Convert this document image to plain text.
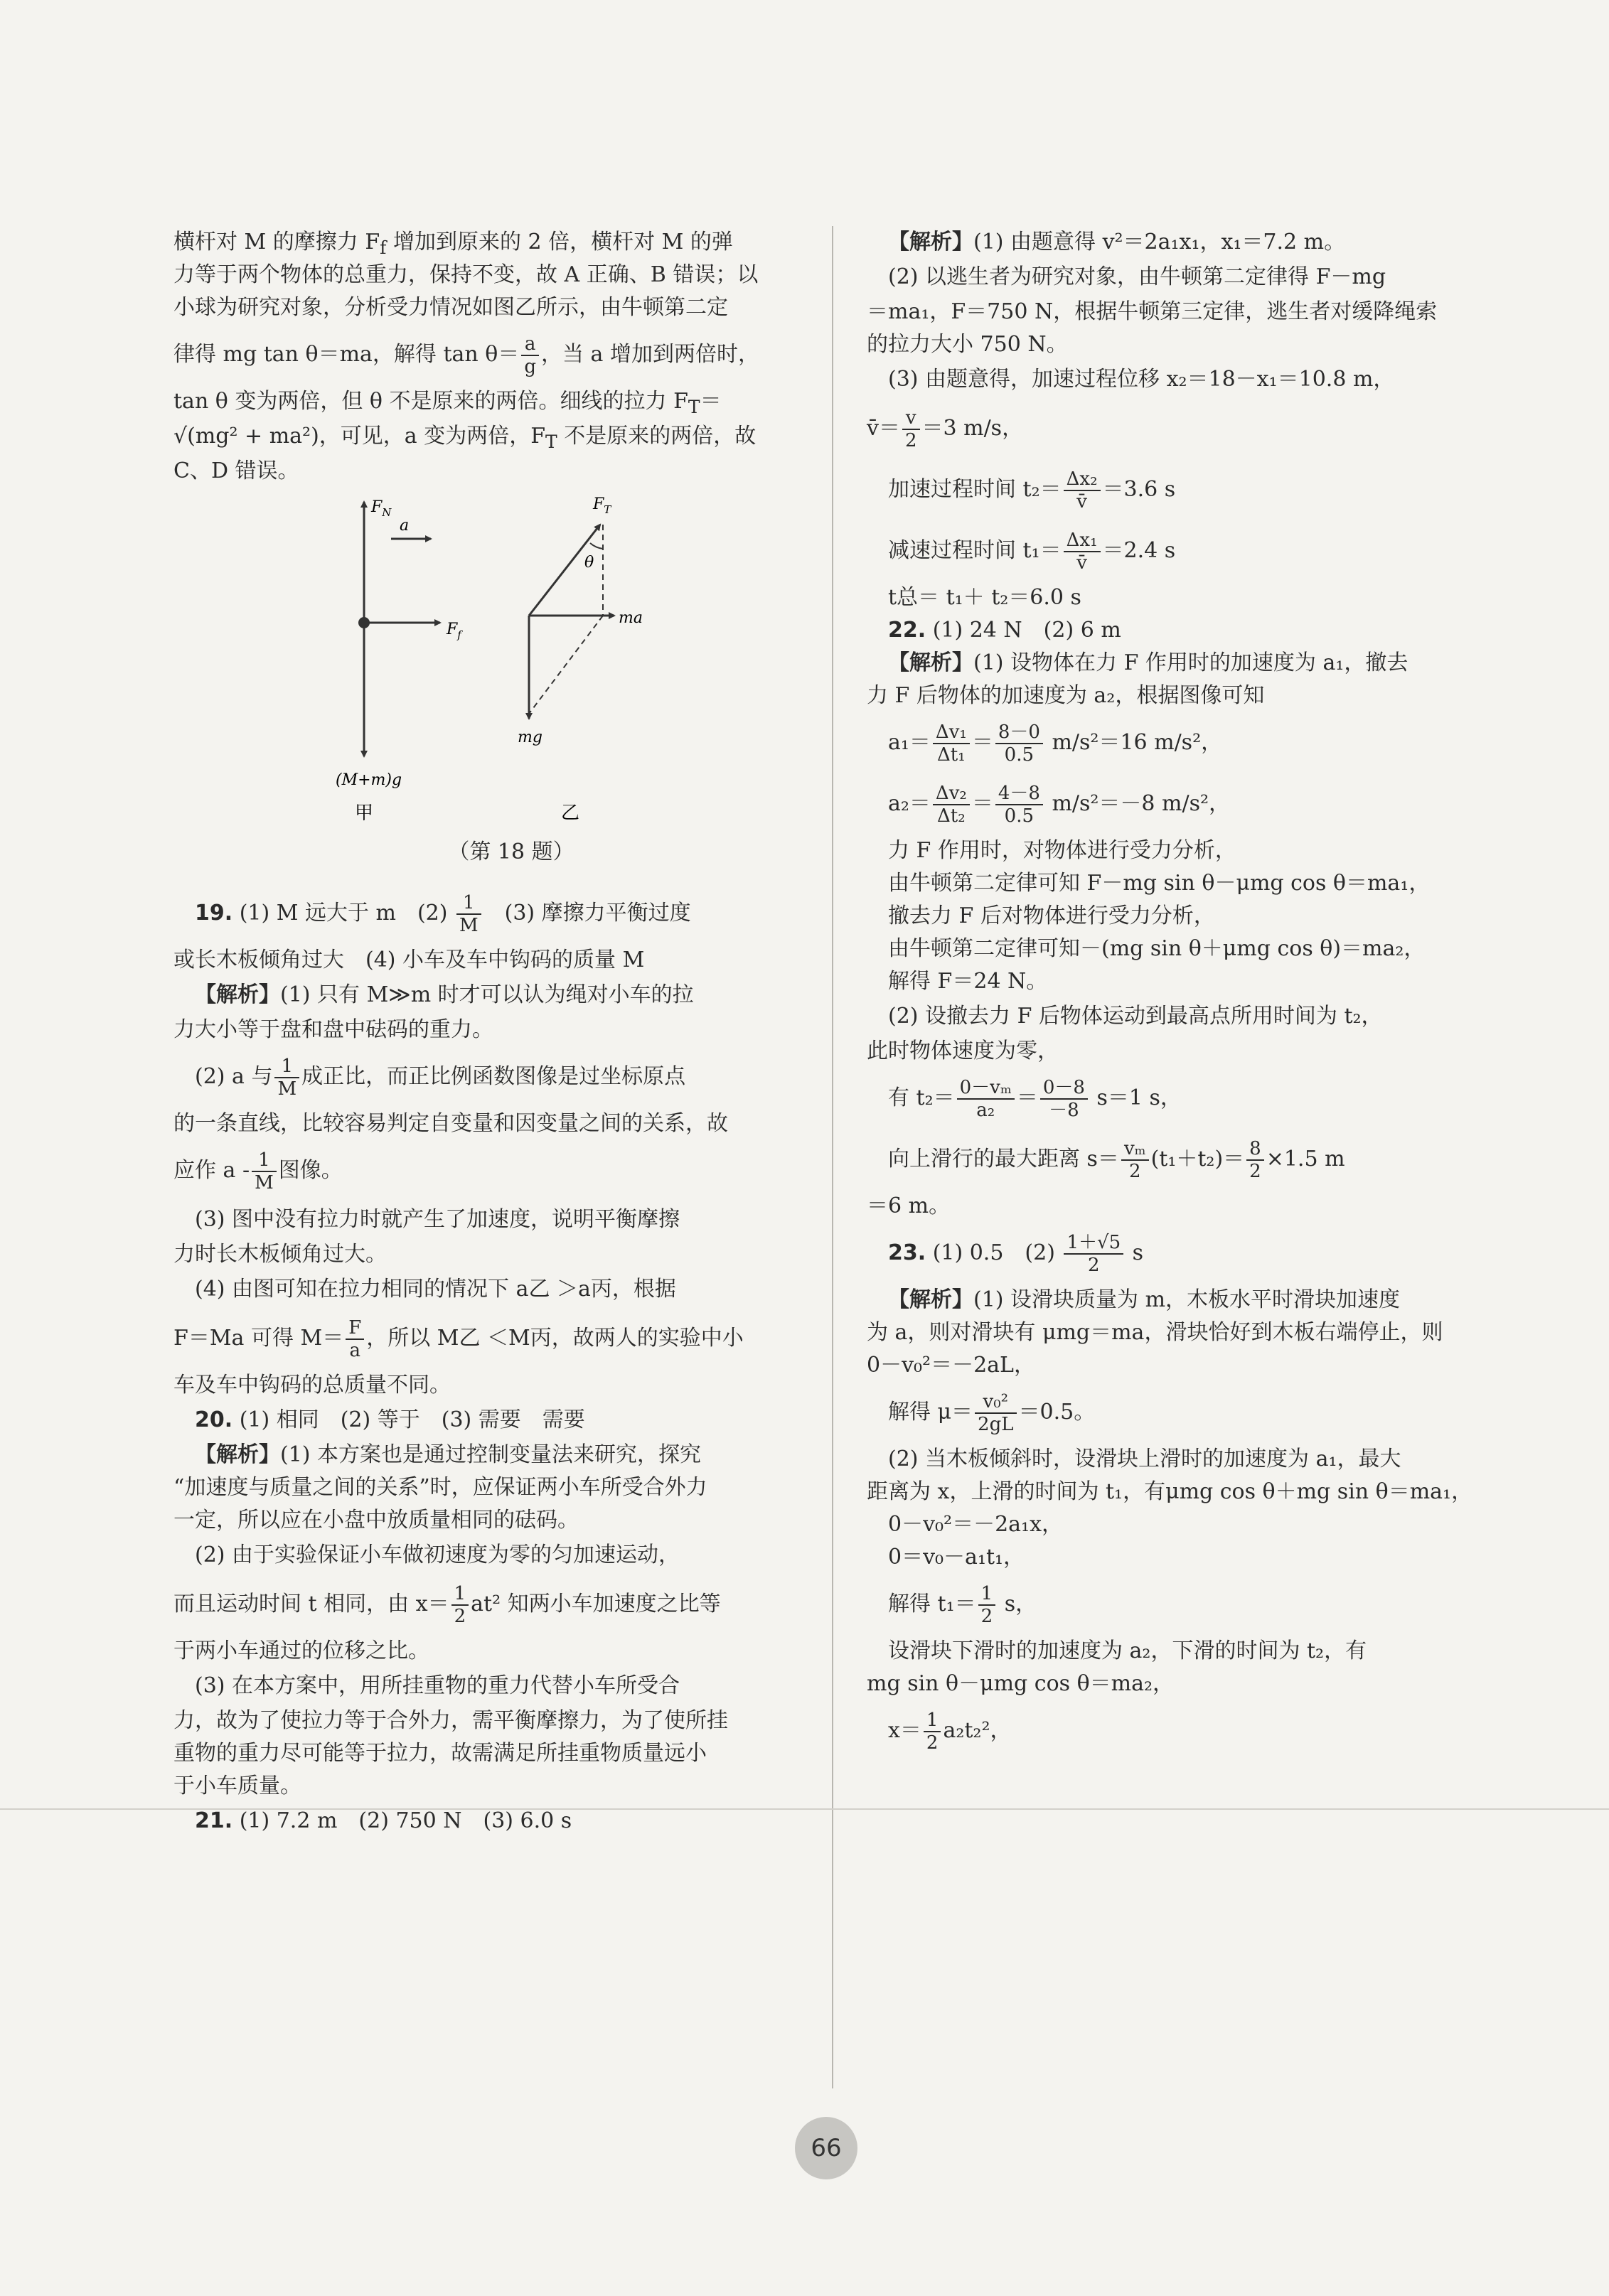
横杆对 M 的摩擦力 $F_f$ 增加到原来的 2 倍，横杆对 M 的弹
力等于两个物体的总重力，保持不变，故 A 正确、B 错误；以
小球为研究对象，分析受力情况如图乙所示，由牛顿第二定
律得 mg tan θ＝ma，解得 $\tan \theta= \frac{a}{g}$ ，当 a 增加到两倍时，
tan θ 变为两倍，但 θ 不是原来的两倍。细线的拉力 $F_T=$
√(mg² + ma²)，可见，a 变为两倍，$F_T$ 不是原来的两倍，故
C、D 错误。
$F_N$
a
$F_f$
(M+m)g
甲
$F_T$
θ
ma
mg
乙
（第 18 题）
19. (1) M 远大于 m　$(2) \frac{1}{M}$ 　(3) 摩擦力平衡过度
或长木板倾角过大　(4) 小车及车中钩码的质量 M
【解析】(1) 只有 M≫m 时才可以认为绳对小车的拉
力大小等于盘和盘中砝码的重力。
(2) a 与 $\frac{1}{M}$ 成正比，而正比例函数图像是过坐标原点
的一条直线，比较容易判定自变量和因变量之间的关系，故
应作 a - $\frac{1}{M}$ 图像。
(3) 图中没有拉力时就产生了加速度，说明平衡摩擦
力时长木板倾角过大。
(4) 由图可知在拉力相同的情况下 a乙 ＞a丙，根据
F＝Ma 可得 $M= \frac{F}{a}$ ，所以 M乙 ＜M丙，故两人的实验中小
车及车中钩码的总质量不同。
20. (1) 相同　(2) 等于　(3) 需要　需要
【解析】(1) 本方案也是通过控制变量法来研究，探究
“加速度与质量之间的关系”时，应保证两小车所受合外力
一定，所以应在小盘中放质量相同的砝码。
(2) 由于实验保证小车做初速度为零的匀加速运动，
而且运动时间 t 相同，由 $x= \frac{1}{2} at^2$ 知两小车加速度之比等
于两小车通过的位移之比。
(3) 在本方案中，用所挂重物的重力代替小车所受合
力，故为了使拉力等于合外力，需平衡摩擦力，为了使所挂
重物的重力尽可能等于拉力，故需满足所挂重物质量远小
于小车质量。
21. (1) 7.2 m　(2) 750 N　(3) 6.0 s
【解析】(1) 由题意得 v²＝2a₁x₁，x₁＝7.2 m。
(2) 以逃生者为研究对象，由牛顿第二定律得 F－mg
＝ma₁，F＝750 N，根据牛顿第三定律，逃生者对缓降绳索
的拉力大小 750 N。
(3) 由题意得，加速过程位移 x₂＝18－x₁＝10.8 m，
v̄＝ $\frac{v}{2} =3$ m/s，
加速过程时间 $t_2= \frac{\text{Δx₂}}{v̄} =3.6$ s
减速过程时间 $t_1= \frac{\text{Δx₁}}{v̄} =2.4$ s
t总＝ t₁＋ t₂＝6.0 s
22. (1) 24 N　(2) 6 m
【解析】(1) 设物体在力 F 作用时的加速度为 a₁，撤去
力 F 后物体的加速度为 a₂，根据图像可知
$a_1= \frac{\text{Δv₁}}{\text{Δt₁}} = \frac{8-0}{0.5} m/s^2=16$ m/s²，
$a_2= \frac{\text{Δv₂}}{\text{Δt₂}} = \frac{4-8}{0.5} m/s^2=-8$ m/s²，
力 F 作用时，对物体进行受力分析，
由牛顿第二定律可知 F－mg sin θ－μmg cos θ＝ma₁，
撤去力 F 后对物体进行受力分析，
由牛顿第二定律可知－(mg sin θ＋μmg cos θ)＝ma₂，
解得 F＝24 N。
(2) 设撤去力 F 后物体运动到最高点所用时间为 t₂，
此时物体速度为零，
有 $t_2= \frac{\text{0－vₘ}}{\text{a₂}} = \frac{0-8}{-8} s=1$ s，
向上滑行的最大距离 $s= \frac{\text{vₘ}}{2} (t_1+t_2)= \frac{8}{2} \times 1.5$ m
＝6 m。
23. (1) 0.5　$(2) \frac{1+√5}{2}$ s
【解析】(1) 设滑块质量为 m，木板水平时滑块加速度
为 a，则对滑块有 μmg＝ma，滑块恰好到木板右端停止，则
0－v₀²＝－2aL，
解得 $\mu= \frac{\text{v₀²}}{2gL} =0.5$。
(2) 当木板倾斜时，设滑块上滑时的加速度为 a₁，最大
距离为 x，上滑的时间为 t₁，有μmg cos θ＋mg sin θ＝ma₁，
0－v₀²＝－2a₁x，
0＝v₀－a₁t₁，
解得 $t_1= \frac{1}{2}$ s，
设滑块下滑时的加速度为 a₂，下滑的时间为 t₂，有
mg sin θ－μmg cos θ＝ma₂，
$x= \frac{1}{2} a_2t_2^2$，
66
